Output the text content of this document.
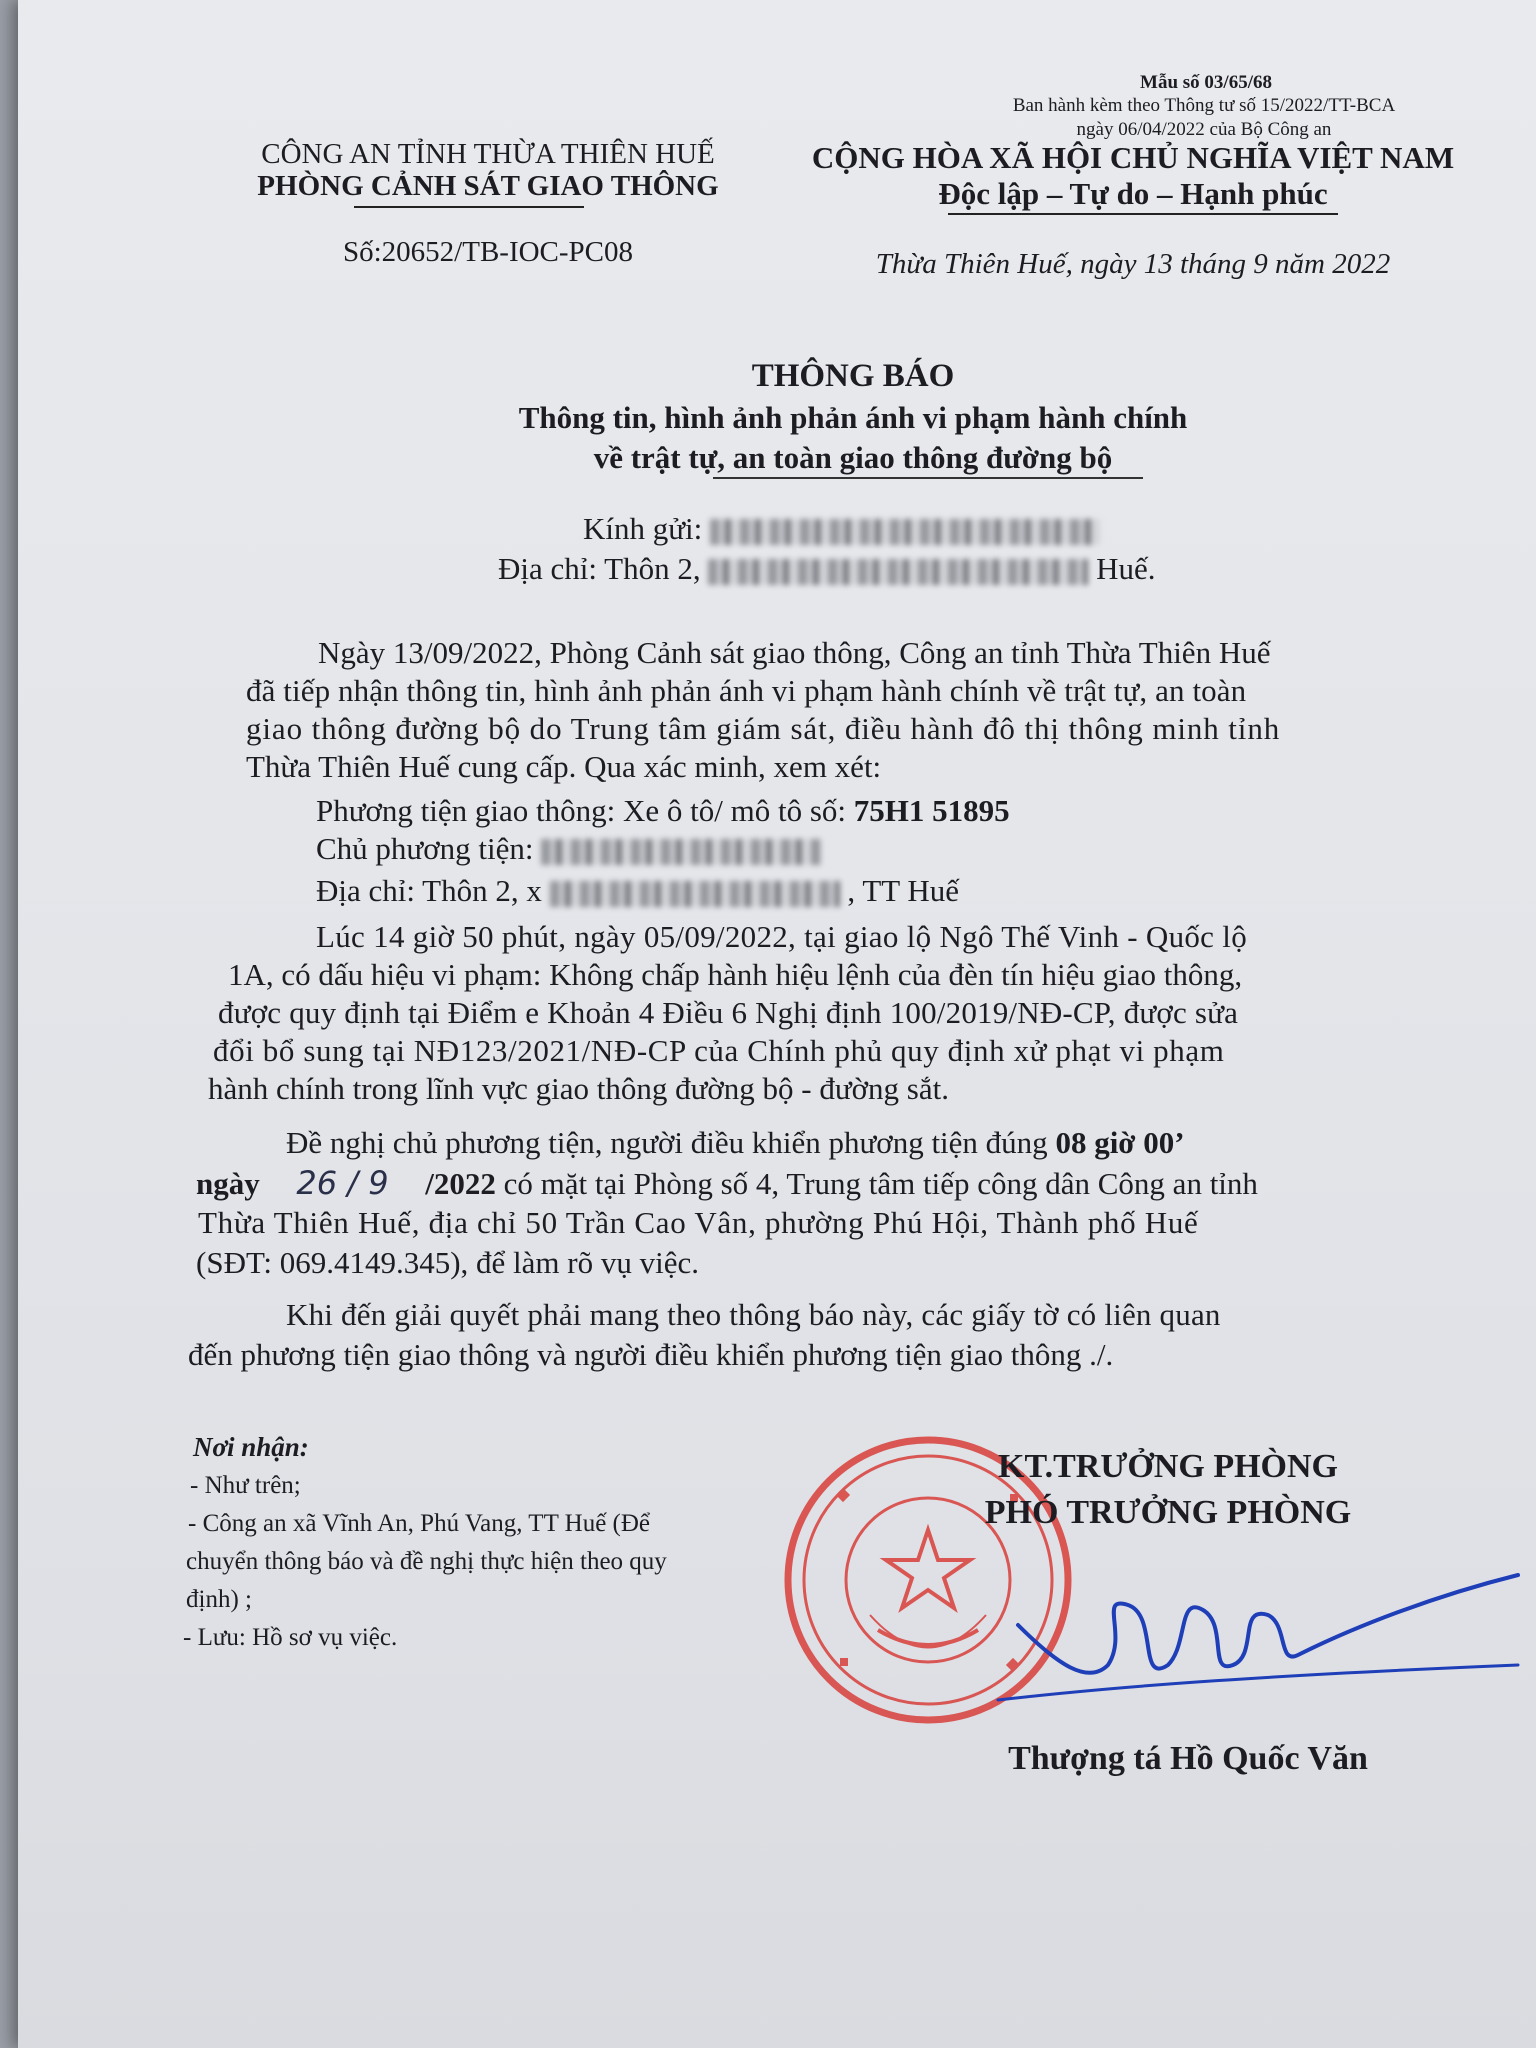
Mẫu số 03/65/68
Ban hành kèm theo Thông tư số 15/2022/TT-BCA
ngày 06/04/2022 của Bộ Công an
CÔNG AN TỈNH THỪA THIÊN HUẾ
PHÒNG CẢNH SÁT GIAO THÔNG
Số:20652/TB-IOC-PC08
CỘNG HÒA XÃ HỘI CHỦ NGHĨA VIỆT NAM
Độc lập – Tự do – Hạnh phúc
Thừa Thiên Huế, ngày 13 tháng 9 năm 2022
THÔNG BÁO
Thông tin, hình ảnh phản ánh vi phạm hành chính
về trật tự, an toàn giao thông đường bộ
Kính gửi:
Địa chỉ: Thôn 2,	Huế.
Ngày 13/09/2022, Phòng Cảnh sát giao thông, Công an tỉnh Thừa Thiên Huế
đã tiếp nhận thông tin, hình ảnh phản ánh vi phạm hành chính về trật tự, an toàn
giao thông đường bộ do Trung tâm giám sát, điều hành đô thị thông minh tỉnh
Thừa Thiên Huế cung cấp. Qua xác minh, xem xét:
Phương tiện giao thông: Xe ô tô/ mô tô số: 75H1 51895
Chủ phương tiện:
Địa chỉ: Thôn 2, x	, TT Huế
Lúc 14 giờ 50 phút, ngày 05/09/2022, tại giao lộ Ngô Thế Vinh - Quốc lộ
1A, có dấu hiệu vi phạm: Không chấp hành hiệu lệnh của đèn tín hiệu giao thông,
được quy định tại Điểm e Khoản 4 Điều 6 Nghị định 100/2019/NĐ-CP, được sửa
đổi bổ sung tại NĐ123/2021/NĐ-CP của Chính phủ quy định xử phạt vi phạm
hành chính trong lĩnh vực giao thông đường bộ - đường sắt.
Đề nghị chủ phương tiện, người điều khiển phương tiện đúng 08 giờ 00’
ngày 26 / 9 /2022 có mặt tại Phòng số 4, Trung tâm tiếp công dân Công an tỉnh
Thừa Thiên Huế, địa chỉ 50 Trần Cao Vân, phường Phú Hội, Thành phố Huế
(SĐT: 069.4149.345), để làm rõ vụ việc.
Khi đến giải quyết phải mang theo thông báo này, các giấy tờ có liên quan
đến phương tiện giao thông và người điều khiển phương tiện giao thông ./.
Nơi nhận:
- Như trên;
- Công an xã Vĩnh An, Phú Vang, TT Huế (Để
chuyển thông báo và đề nghị thực hiện theo quy
định) ;
- Lưu: Hồ sơ vụ việc.
KT.TRƯỞNG PHÒNG
PHÓ TRƯỞNG PHÒNG
Thượng tá Hồ Quốc Văn
